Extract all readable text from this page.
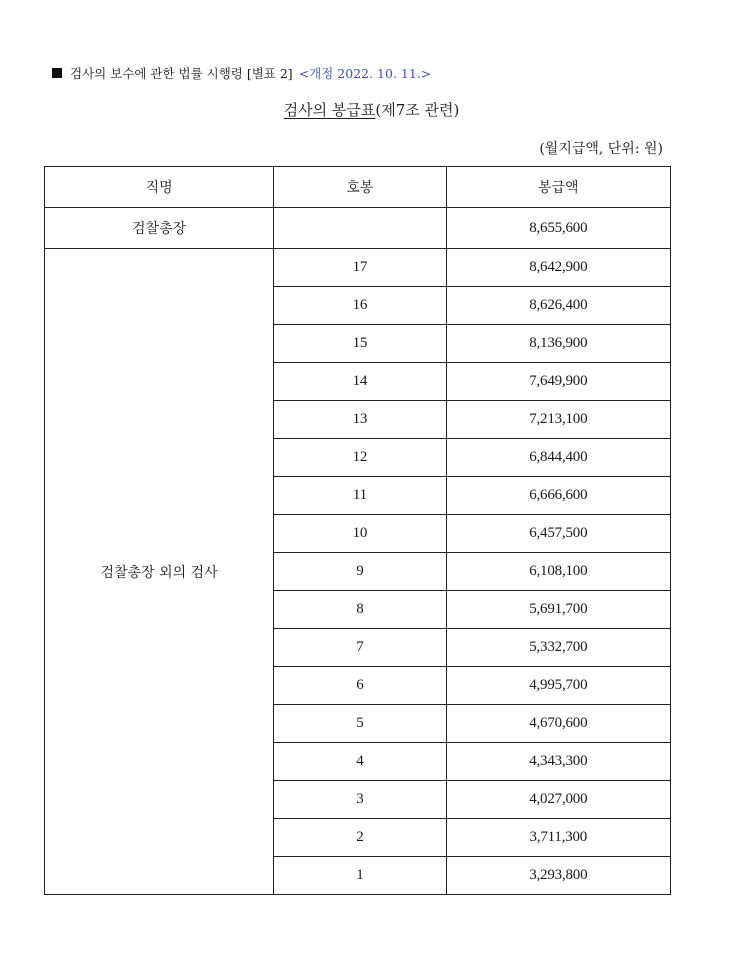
검사의 보수에 관한 법률 시행령 [별표 2] <개정 2022. 10. 11.>
검사의 봉급표(제7조 관련)
(월지급액, 단위: 원)
직명	호봉	봉급액
검찰총장		8,655,600
검찰총장 외의 검사	17	8,642,900
	16	8,626,400
	15	8,136,900
	14	7,649,900
	13	7,213,100
	12	6,844,400
	11	6,666,600
	10	6,457,500
	9	6,108,100
	8	5,691,700
	7	5,332,700
	6	4,995,700
	5	4,670,600
	4	4,343,300
	3	4,027,000
	2	3,711,300
	1	3,293,800
